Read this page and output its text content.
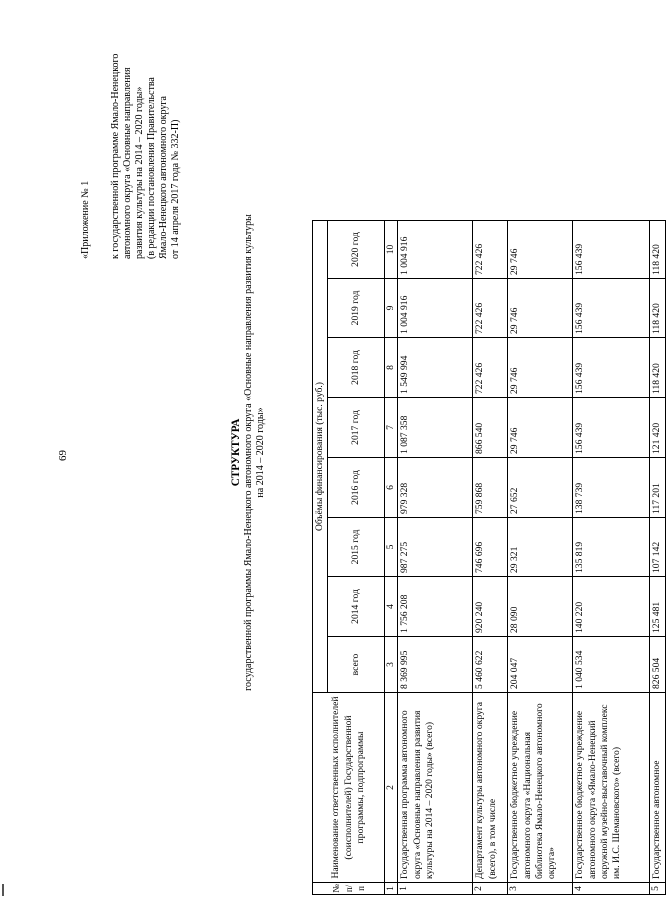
69
«Приложение № 1 к государственной программе Ямало-Ненецкого автономного округа «Основные направления развития культуры на 2014 – 2020 годы» (в редакции постановления Правительства Ямало-Ненецкого автономного округа от 14 апреля 2017 года № 332-П)
СТРУКТУРА государственной программы Ямало-Ненецкого автономного округа «Основные направления развития культуры на 2014 – 2020 годы»
№ п/п	Наименование ответственных исполнителей (соисполнителей) Государственной программы, подпрограммы	Объёмы финансирования (тыс. руб.)							
		всего	2014 год	2015 год	2016 год	2017 год	2018 год	2019 год	2020 год
1	2	3	4	5	6	7	8	9	10
1	Государственная программа автономного округа «Основные направления развития культуры на 2014 – 2020 годы» (всего)	8 369 995	1 756 208	987 275	979 328	1 087 358	1 549 994	1 004 916	1 004 916
2	Департамент культуры автономного округа (всего), в том числе	5 460 622	920 240	746 696	759 868	866 540	722 426	722 426	722 426
3	Государственное бюджетное учреждение автономного округа «Национальная библиотека Ямало-Ненецкого автономного округа»	204 047	28 090	29 321	27 652	29 746	29 746	29 746	29 746
4	Государственное бюджетное учреждение автономного округа «Ямало-Ненецкий окружной музейно-выставочный комплекс им. И.С. Шемановского» (всего)	1 040 534	140 220	135 819	138 739	156 439	156 439	156 439	156 439
5	Государственное автономное	826 504	125 481	107 142	117 201	121 420	118 420	118 420	118 420
